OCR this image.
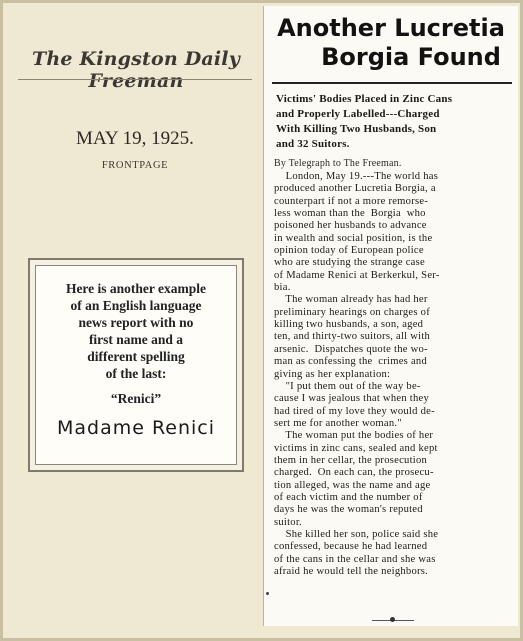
The Kingston Daily Freeman
MAY 19, 1925.
FRONTPAGE
Here is another example
of an English language
news report with no
first name and a
different spelling
of the last:
“Renici”
Madame Renici
Another Lucretia
Borgia Found
Victims' Bodies Placed in Zinc Cans
and Properly Labelled---Charged
With Killing Two Husbands, Son
and 32 Suitors.
By Telegraph to The Freeman.
London, May 19.---The world has
produced another Lucretia Borgia, a
counterpart if not a more remorse-
less woman than the  Borgia  who
poisoned her husbands to advance
in wealth and social position, is the
opinion today of European police
who are studying the strange case
of Madame Renici at Berkerkul, Ser-
bia.
The woman already has had her
preliminary hearings on charges of
killing two husbands, a son, aged
ten, and thirty-two suitors, all with
arsenic.  Dispatches quote the wo-
man as confessing the  crimes and
giving as her explanation:
"I put them out of the way be-
cause I was jealous that when they
had tired of my love they would de-
sert me for another woman."
The woman put the bodies of her
victims in zinc cans, sealed and kept
them in her cellar, the prosecution
charged.  On each can, the prosecu-
tion alleged, was the name and age
of each victim and the number of
days he was the woman's reputed
suitor.
She killed her son, police said she
confessed, because he had learned
of the cans in the cellar and she was
afraid he would tell the neighbors.
